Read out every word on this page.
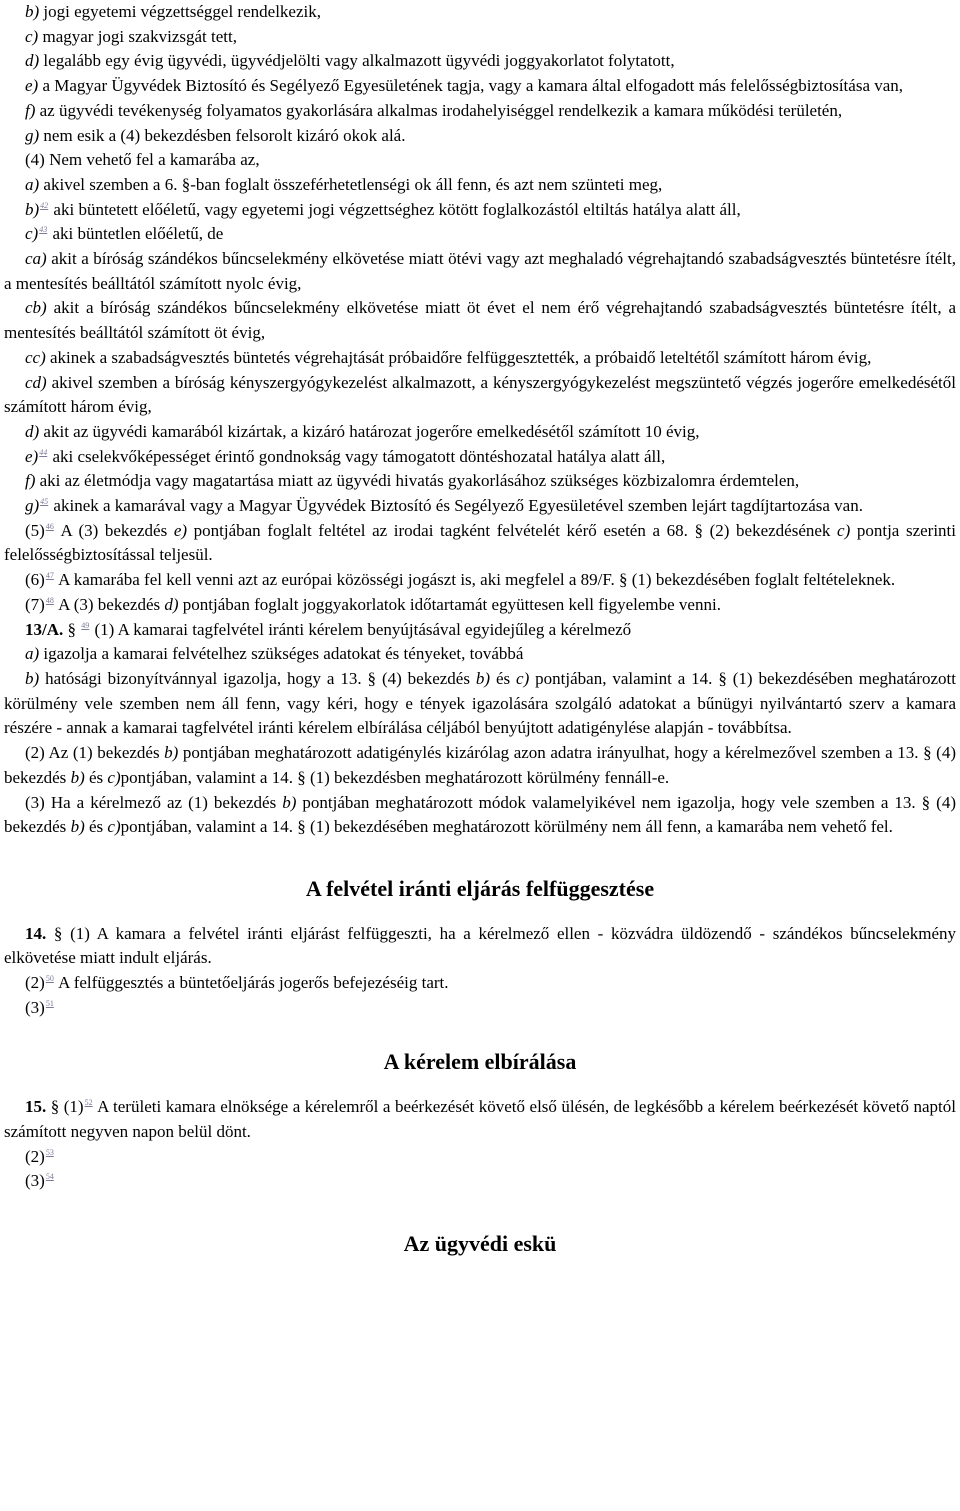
b) jogi egyetemi végzettséggel rendelkezik,

c) magyar jogi szakvizsgát tett,

d) legalább egy évig ügyvédi, ügyvédjelölti vagy alkalmazott ügyvédi joggyakorlatot folytatott,

e) a Magyar Ügyvédek Biztosító és Segélyező Egyesületének tagja, vagy a kamara által elfogadott más felelősségbiztosítása van,

f) az ügyvédi tevékenység folyamatos gyakorlására alkalmas irodahelyiséggel rendelkezik a kamara működési területén,

g) nem esik a (4) bekezdésben felsorolt kizáró okok alá.

(4) Nem vehető fel a kamarába az,

a) akivel szemben a 6. §-ban foglalt összeférhetetlenségi ok áll fenn, és azt nem szünteti meg,

b)$^{42}$ aki büntetett előéletű, vagy egyetemi jogi végzettséghez kötött foglalkozástól eltiltás hatálya alatt áll,

c)$^{43}$ aki büntetlen előéletű, de

ca) akit a bíróság szándékos bűncselekmény elkövetése miatt ötévi vagy azt meghaladó végrehajtandó szabadságvesztés büntetésre ítélt, a mentesítés beálltától számított nyolc évig,

cb) akit a bíróság szándékos bűncselekmény elkövetése miatt öt évet el nem érő végrehajtandó szabadságvesztés büntetésre ítélt, a mentesítés beálltától számított öt évig,

cc) akinek a szabadságvesztés büntetés végrehajtását próbaidőre felfüggesztették, a próbaidő leteltétől számított három évig,

cd) akivel szemben a bíróság kényszergyógykezelést alkalmazott, a kényszergyógykezelést megszüntető végzés jogerőre emelkedésétől számított három évig,

d) akit az ügyvédi kamarából kizártak, a kizáró határozat jogerőre emelkedésétől számított 10 évig,

e)$^{44}$ aki cselekvőképességet érintő gondnokság vagy támogatott döntéshozatal hatálya alatt áll,

f) aki az életmódja vagy magatartása miatt az ügyvédi hivatás gyakorlásához szükséges közbizalomra érdemtelen,

g)$^{45}$ akinek a kamarával vagy a Magyar Ügyvédek Biztosító és Segélyező Egyesületével szemben lejárt tagdíjtartozása van.

(5)$^{46}$ A (3) bekezdés e) pontjában foglalt feltétel az irodai tagként felvételét kérő esetén a 68. § (2) bekezdésének c) pontja szerinti felelősségbiztosítással teljesül.

(6)$^{47}$ A kamarába fel kell venni azt az európai közösségi jogászt is, aki megfelel a 89/F. § (1) bekezdésében foglalt feltételeknek.

(7)$^{48}$ A (3) bekezdés d) pontjában foglalt joggyakorlatok időtartamát együttesen kell figyelembe venni.

13/A. § $^{49}$ (1) A kamarai tagfelvétel iránti kérelem benyújtásával egyidejűleg a kérelmező

a) igazolja a kamarai felvételhez szükséges adatokat és tényeket, továbbá

b) hatósági bizonyítvánnyal igazolja, hogy a 13. § (4) bekezdés b) és c) pontjában, valamint a 14. § (1) bekezdésében meghatározott körülmény vele szemben nem áll fenn, vagy kéri, hogy e tények igazolására szolgáló adatokat a bűnügyi nyilvántartó szerv a kamara részére - annak a kamarai tagfelvétel iránti kérelem elbírálása céljából benyújtott adatigénylése alapján - továbbítsa.

(2) Az (1) bekezdés b) pontjában meghatározott adatigénylés kizárólag azon adatra irányulhat, hogy a kérelmezővel szemben a 13. § (4) bekezdés b) és c)pontjában, valamint a 14. § (1) bekezdésben meghatározott körülmény fennáll-e.

(3) Ha a kérelmező az (1) bekezdés b) pontjában meghatározott módok valamelyikével nem igazolja, hogy vele szemben a 13. § (4) bekezdés b) és c)pontjában, valamint a 14. § (1) bekezdésében meghatározott körülmény nem áll fenn, a kamarába nem vehető fel.

A felvétel iránti eljárás felfüggesztése

14. § (1) A kamara a felvétel iránti eljárást felfüggeszti, ha a kérelmező ellen - közvádra üldözendő - szándékos bűncselekmény elkövetése miatt indult eljárás.

(2)$^{50}$ A felfüggesztés a büntetőeljárás jogerős befejezéséig tart.

(3)$^{51}$

A kérelem elbírálása

15. § (1)$^{52}$ A területi kamara elnöksége a kérelemről a beérkezését követő első ülésén, de legkésőbb a kérelem beérkezését követő naptól számított negyven napon belül dönt.

(2)$^{53}$

(3)$^{54}$

Az ügyvédi eskü
